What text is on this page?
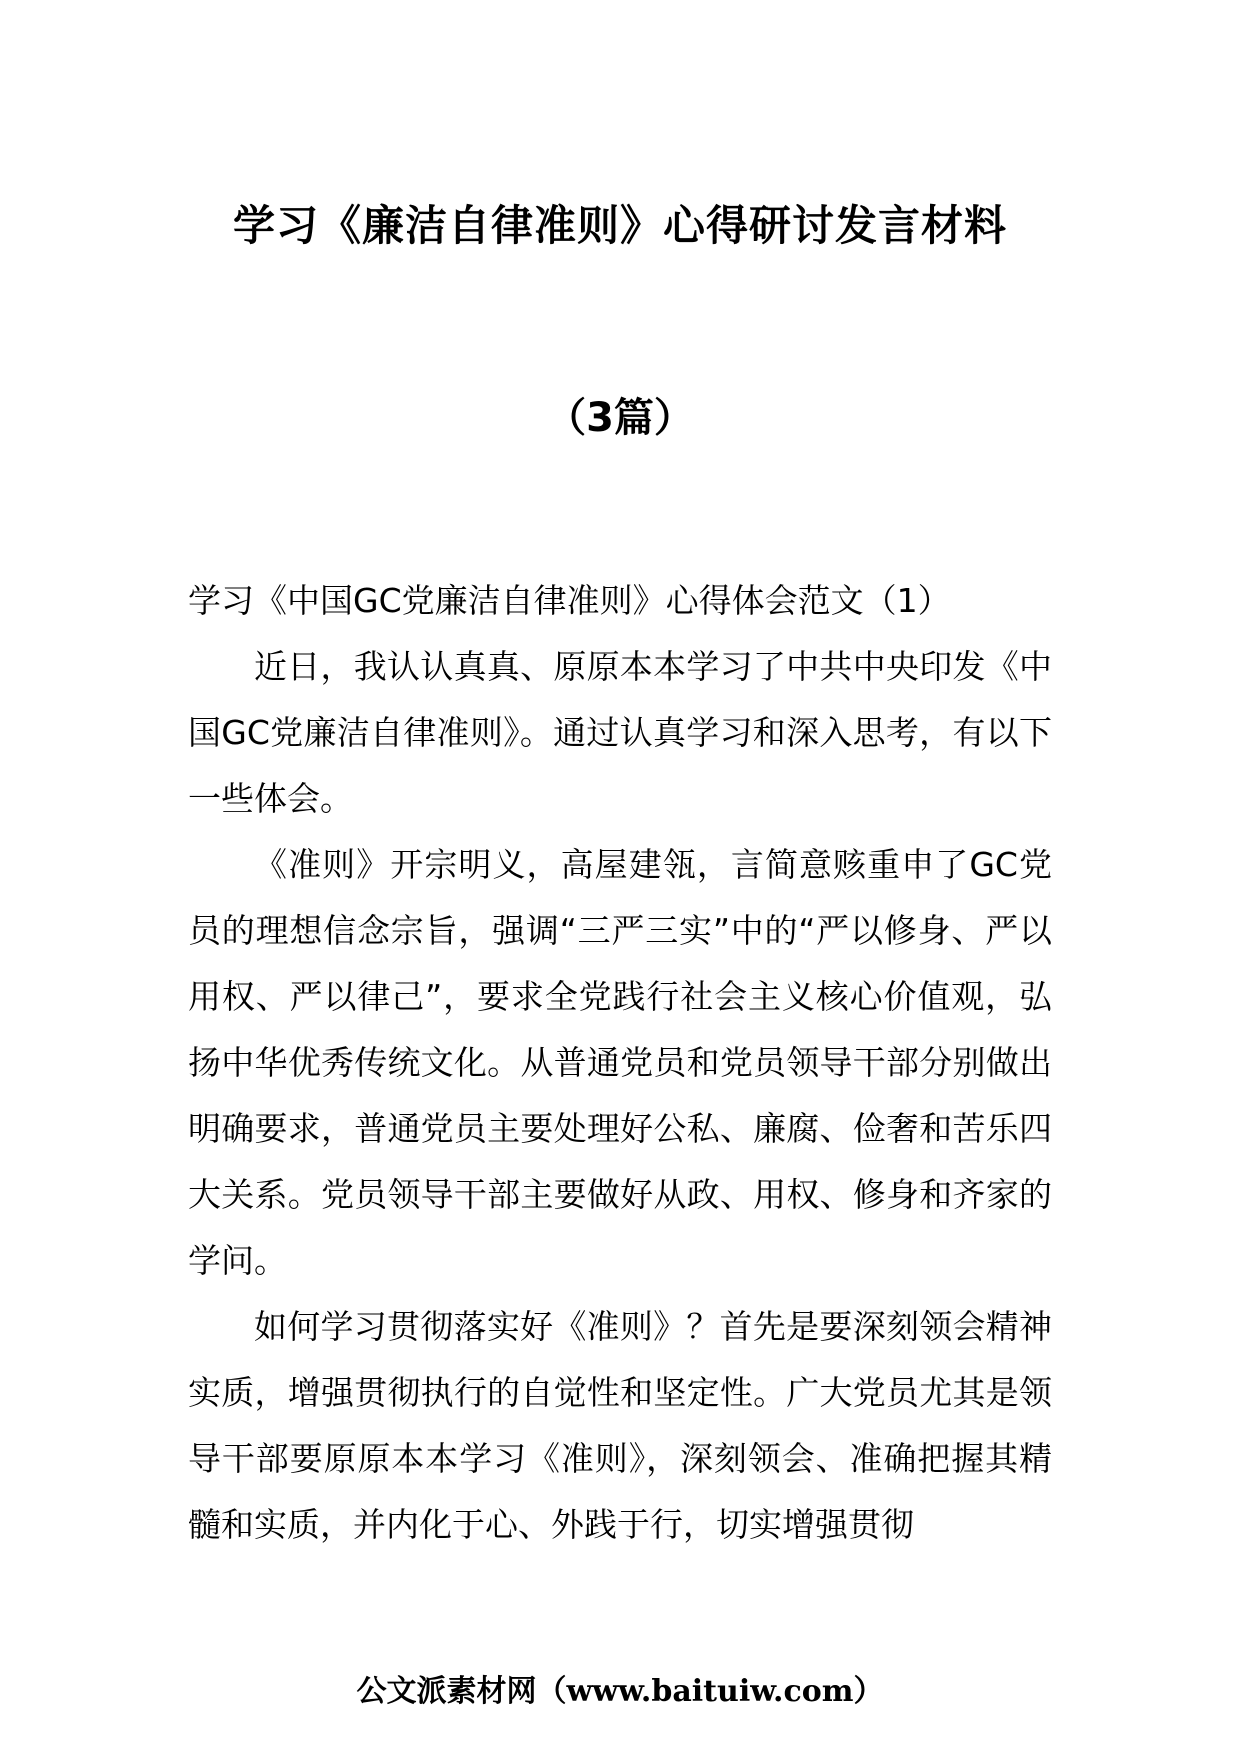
学习《廉洁自律准则》心得研讨发言材料
（3篇）

学习《中国GC党廉洁自律准则》心得体会范文（1）

近日，我认认真真、原原本本学习了中共中央印发《中国GC党廉洁自律准则》。通过认真学习和深入思考，有以下一些体会。

《准则》开宗明义，高屋建瓴，言简意赅重申了GC党员的理想信念宗旨，强调“三严三实”中的“严以修身、严以用权、严以律己”，要求全党践行社会主义核心价值观，弘扬中华优秀传统文化。从普通党员和党员领导干部分别做出明确要求，普通党员主要处理好公私、廉腐、俭奢和苦乐四大关系。党员领导干部主要做好从政、用权、修身和齐家的学问。

如何学习贯彻落实好《准则》？首先是要深刻领会精神实质，增强贯彻执行的自觉性和坚定性。广大党员尤其是领导干部要原原本本学习《准则》，深刻领会、准确把握其精髓和实质，并内化于心、外践于行，切实增强贯彻

公文派素材网（www.baituiw.com）
